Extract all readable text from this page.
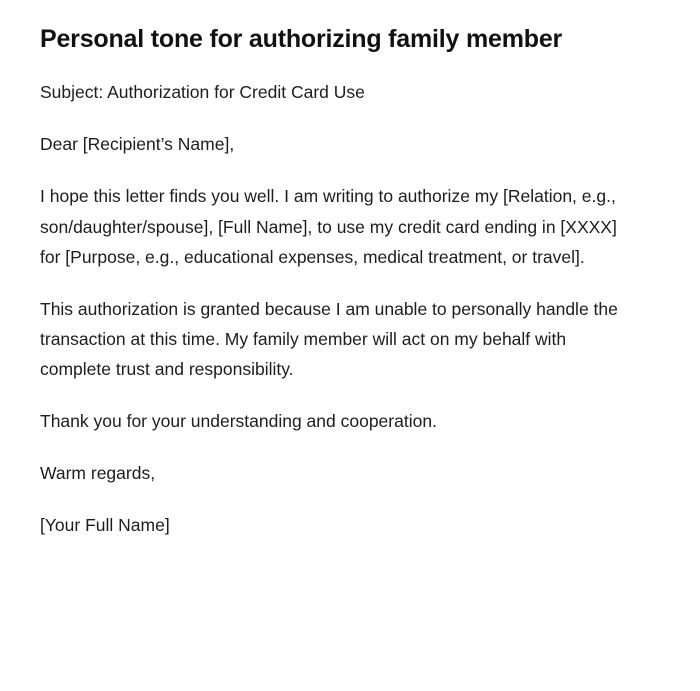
Personal tone for authorizing family member

Subject: Authorization for Credit Card Use

Dear [Recipient’s Name],

I hope this letter finds you well. I am writing to authorize my [Relation, e.g., son/daughter/spouse], [Full Name], to use my credit card ending in [XXXX] for [Purpose, e.g., educational expenses, medical treatment, or travel].

This authorization is granted because I am unable to personally handle the transaction at this time. My family member will act on my behalf with complete trust and responsibility.

Thank you for your understanding and cooperation.

Warm regards,

[Your Full Name]
